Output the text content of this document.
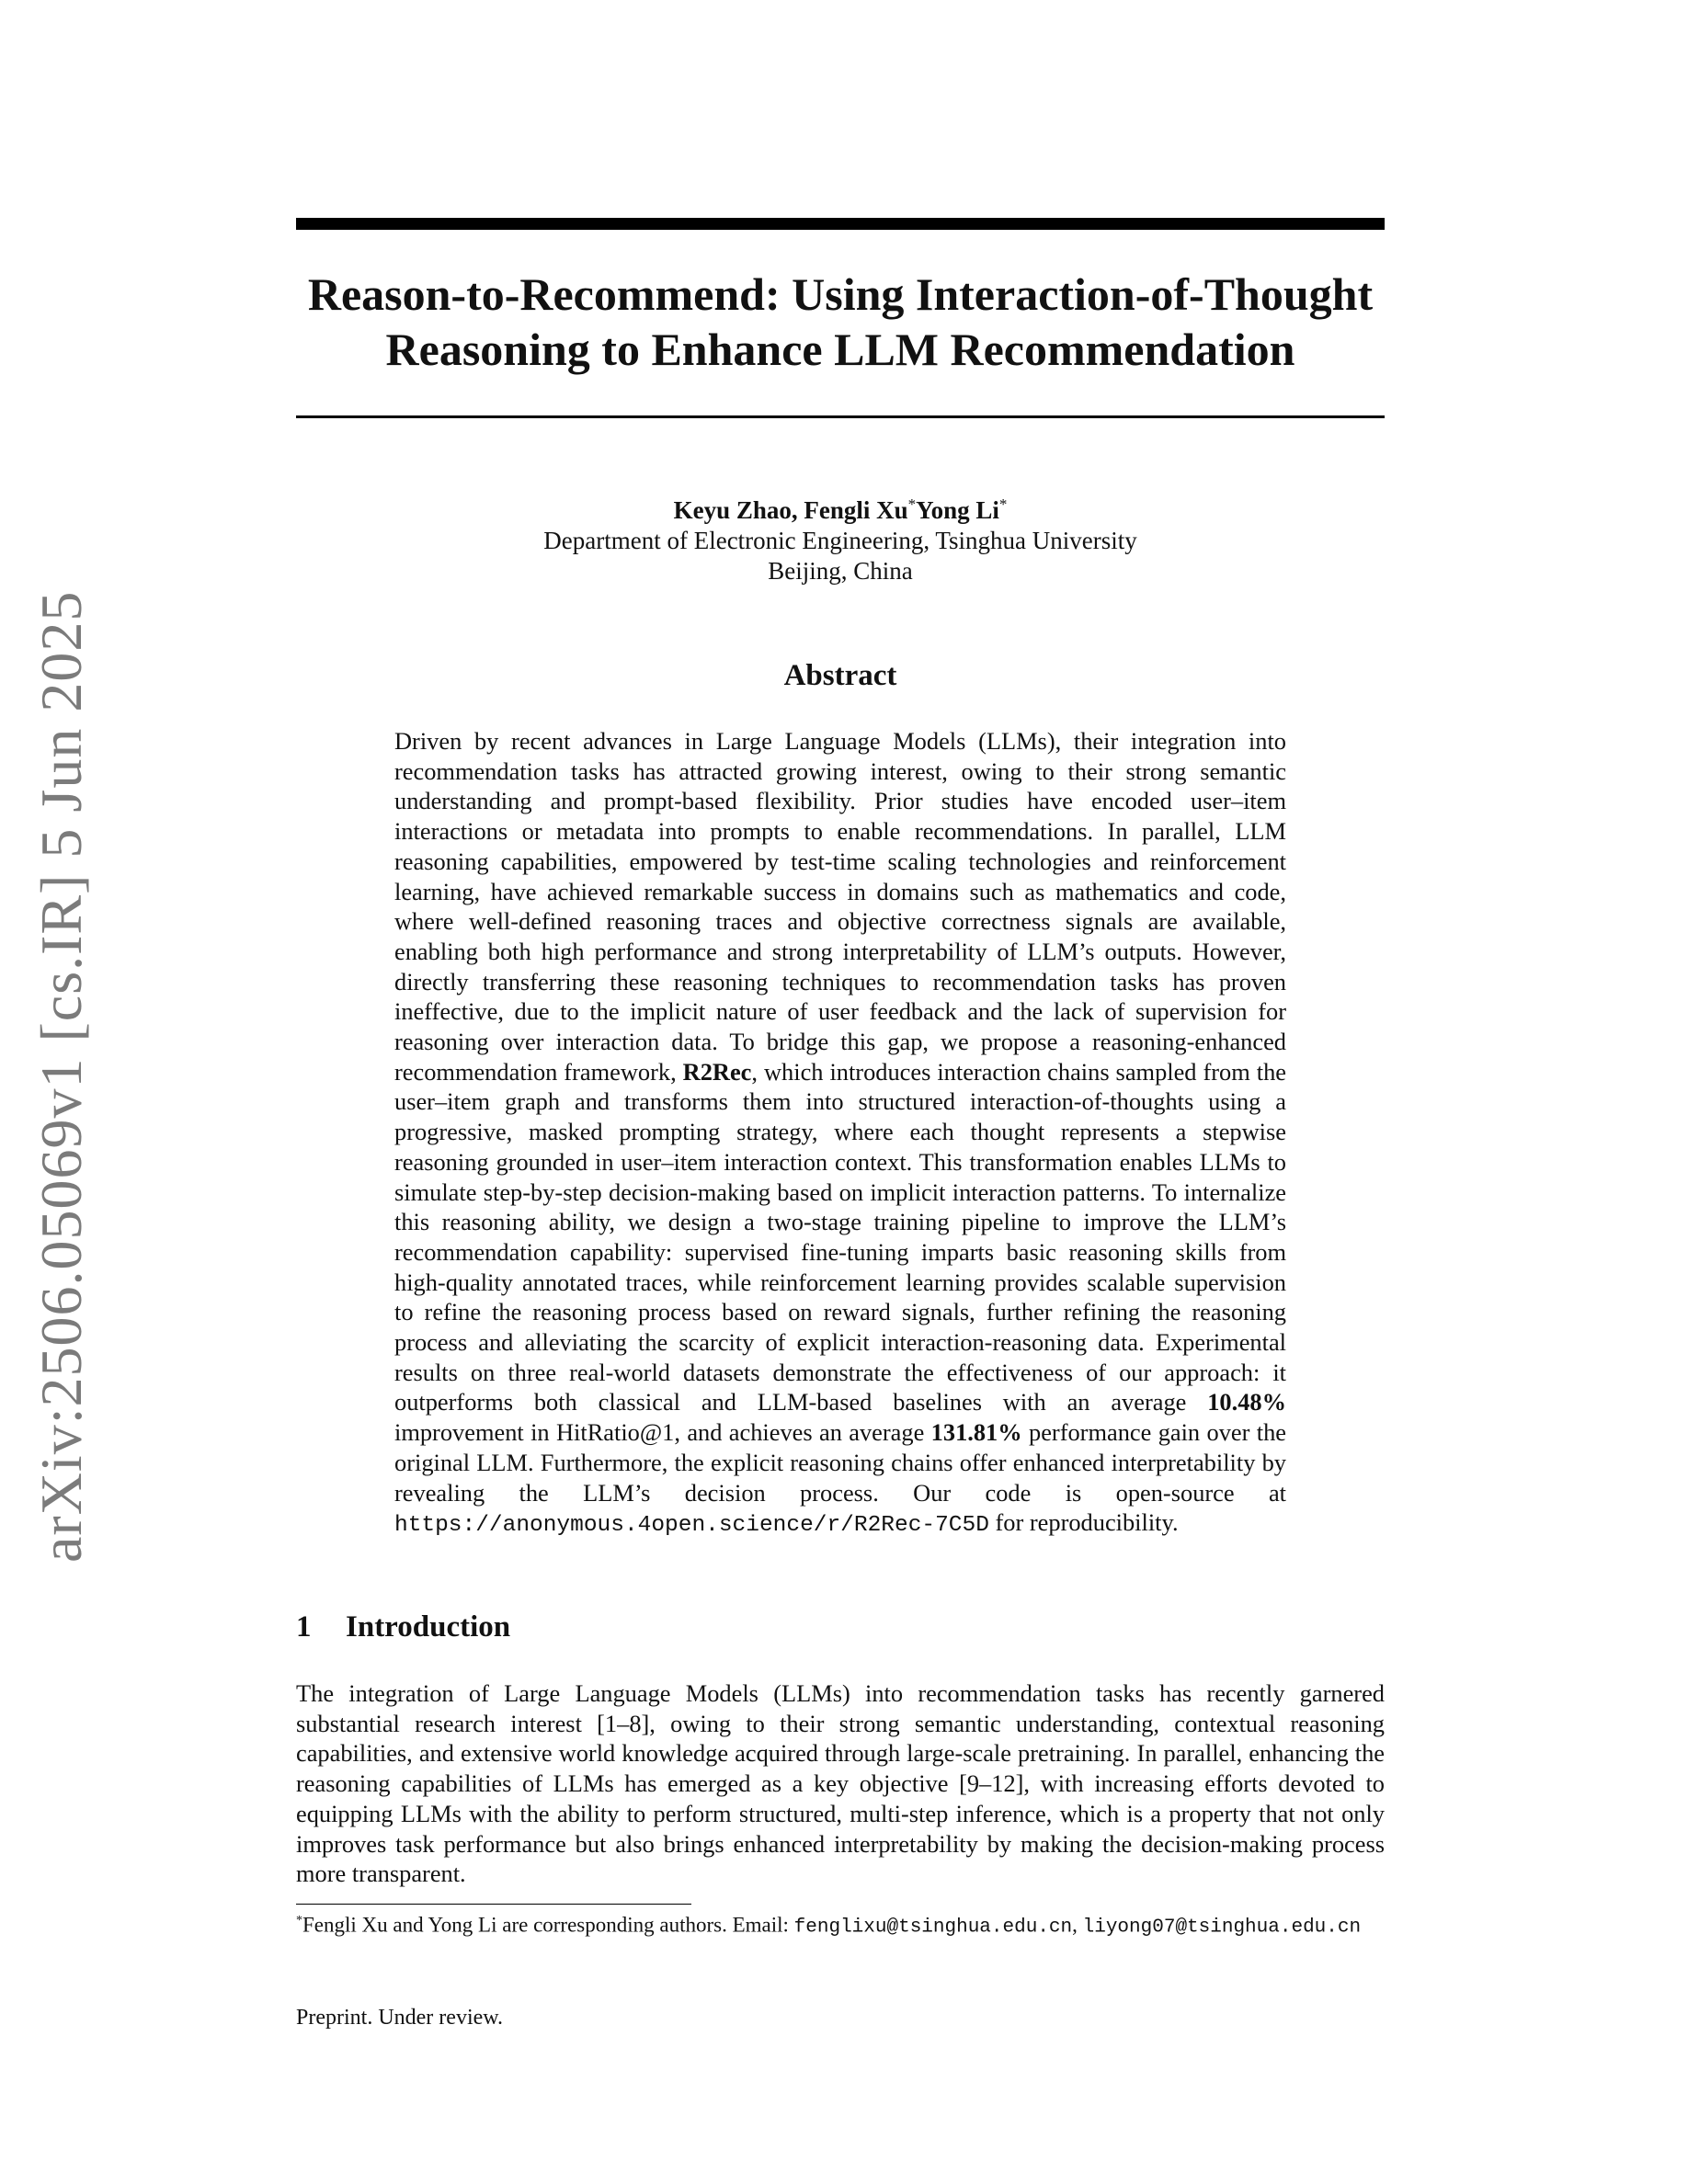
arXiv:2506.05069v1 [cs.IR] 5 Jun 2025
Reason-to-Recommend: Using Interaction-of-Thought
Reasoning to Enhance LLM Recommendation
Keyu Zhao, Fengli Xu*Yong Li*
Department of Electronic Engineering, Tsinghua University
Beijing, China
Abstract

Driven by recent advances in Large Language Models (LLMs), their integration into recommendation tasks has attracted growing interest, owing to their strong semantic understanding and prompt-based flexibility. Prior studies have encoded user–item interactions or metadata into prompts to enable recommendations. In parallel, LLM reasoning capabilities, empowered by test-time scaling technologies and reinforcement learning, have achieved remarkable success in domains such as mathematics and code, where well-defined reasoning traces and objective correctness signals are available, enabling both high performance and strong interpretability of LLM’s outputs. However, directly transferring these reasoning techniques to recommendation tasks has proven ineffective, due to the implicit nature of user feedback and the lack of supervision for reasoning over interaction data. To bridge this gap, we propose a reasoning-enhanced recommendation framework, R2Rec, which introduces interaction chains sampled from the user–item graph and transforms them into structured interaction-of-thoughts using a progressive, masked prompting strategy, where each thought represents a stepwise reasoning grounded in user–item interaction context. This transformation enables LLMs to simulate step-by-step decision-making based on implicit interaction patterns. To internalize this reasoning ability, we design a two-stage training pipeline to improve the LLM’s recommendation capability: supervised fine-tuning imparts basic reasoning skills from high-quality annotated traces, while reinforcement learning provides scalable supervision to refine the reasoning process based on reward signals, further refining the reasoning process and alleviating the scarcity of explicit interaction-reasoning data. Experimental results on three real-world datasets demonstrate the effectiveness of our approach: it outperforms both classical and LLM-based baselines with an average 10.48% improvement in HitRatio@1, and achieves an average 131.81% performance gain over the original LLM. Furthermore, the explicit reasoning chains offer enhanced interpretability by revealing the LLM’s decision process. Our code is open-source at https://anonymous.4open.science/r/R2Rec-7C5D for reproducibility.

1 Introduction

The integration of Large Language Models (LLMs) into recommendation tasks has recently garnered substantial research interest [1–8], owing to their strong semantic understanding, contextual reasoning capabilities, and extensive world knowledge acquired through large-scale pretraining. In parallel, enhancing the reasoning capabilities of LLMs has emerged as a key objective [9–12], with increasing efforts devoted to equipping LLMs with the ability to perform structured, multi-step inference, which is a property that not only improves task performance but also brings enhanced interpretability by making the decision-making process more transparent.

*Fengli Xu and Yong Li are corresponding authors. Email: fenglixu@tsinghua.edu.cn, liyong07@tsinghua.edu.cn

Preprint. Under review.
